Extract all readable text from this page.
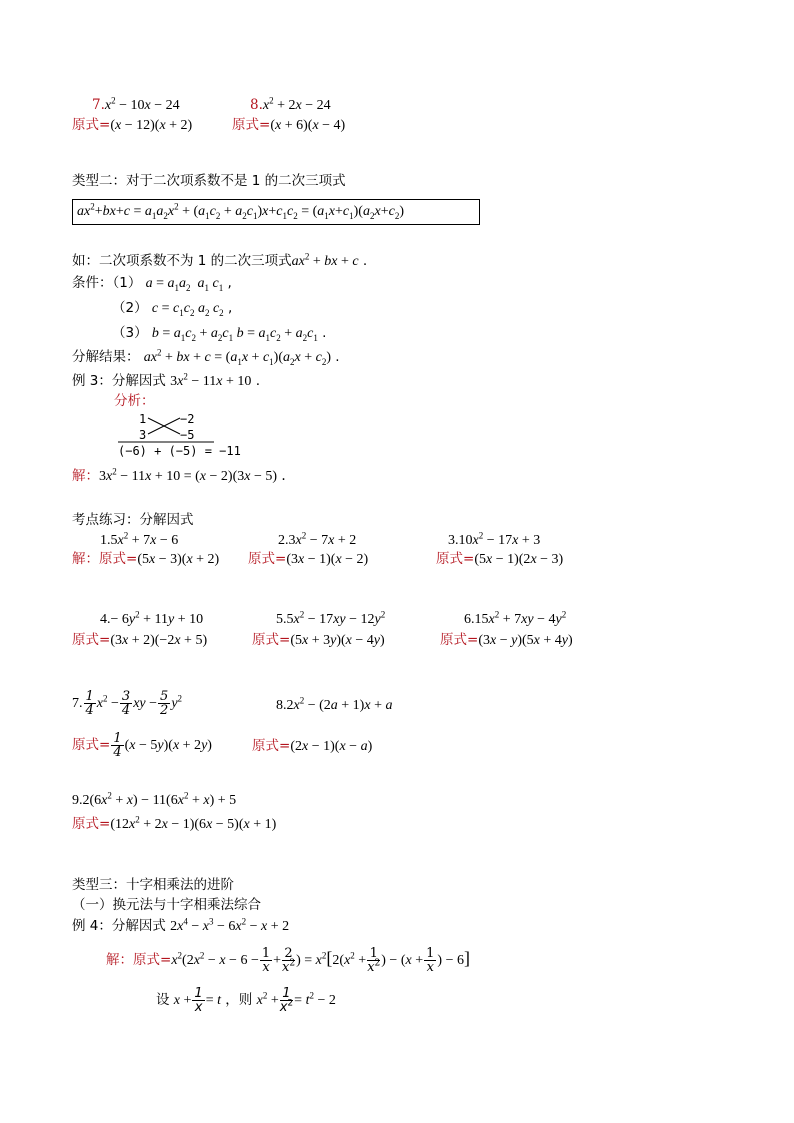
$7.x^2 - 10x - 24$	$8.x^2 + 2x - 24$
原式=(x − 12)(x + 2)	原式=(x + 6)(x − 4)
类型二：对于二次项系数不是 1 的二次三项式
$ax^2+bx+c = a_1a_2x^2 + (a_1c_2 + a_2c_1)x+c_1c_2 = (a_1x+c_1)(a_2x+c_2)$
如：二次项系数不为 1 的二次三项式$ax^2$ + bx + c .
条件：（1） $a = a_1a_2$  $a_1$ $c_1$ ,
（2） $c = c_1c_2$ $a_2$ $c_2$ ,
（3） $b = a_1c_2 + a_2c_1$ $b = a_1c_2 + a_2c_1$ .
分解结果： $ax^2$ + bx + $c = (a_1x + c_1)(a_2x + c_2)$ .
例 3：分解因式 $3x^2 - 11x + 10$ .
分析：
1	−2
3	−5
(−6) + (−5) = −11
解：$3x^2 - 11x + 10 = (x - 2)(3x - 5)$ .
考点练习：分解因式
$1.5x^2 + 7x - 6$	$2.3x^2 - 7x + 2$	$3.10x^2 - 17x + 3$
解：原式=(5x − 3)(x + 2) 原式=(3x − 1)(x − 2)	原式=(5x − 1)(2x − 3)
$4.- 6y^2 + 11y + 10$	$5.5x^2 - 17xy - 12y^2$	$6.15x^2 + 7xy - 4y^2$
原式=(3x + 2)(−2x + 5)	原式=(5x + 3y)(x − 4y)	原式=(3x − y)(5x + 4y)
7. $\frac{1}{4} x^2 - \frac{3}{4}$ xy − $\frac{5}{2} y^2$	$8.2x^2 - (2a + 1)x + a$
原式= $\frac{1}{4} (x - 5y)(x + 2y)$	原式=(2x − 1)(x − a)
$9.2(6x^2 + x) - 11(6x^2 + x) + 5$
原式$=(12x^2 + 2x - 1)(6x - 5)(x + 1)$
类型三：十字相乘法的进阶
（一）换元法与十字相乘法综合
例 4：分解因式 $2x^4 - x^3 - 6x^2 - x + 2$
解：原式$=x^2(2x^2 - x - 6 - \frac{1}{x} + \frac{2}{x^2}$ ) = $x^2[2(x^2 + \frac{1}{x^2}$ ) − ($x + \frac{1}{x}$ ) − 6]
设 $x + \frac{1}{x} = t$ ，则 $x^2 + \frac{1}{x^2} = t^2 - 2$
